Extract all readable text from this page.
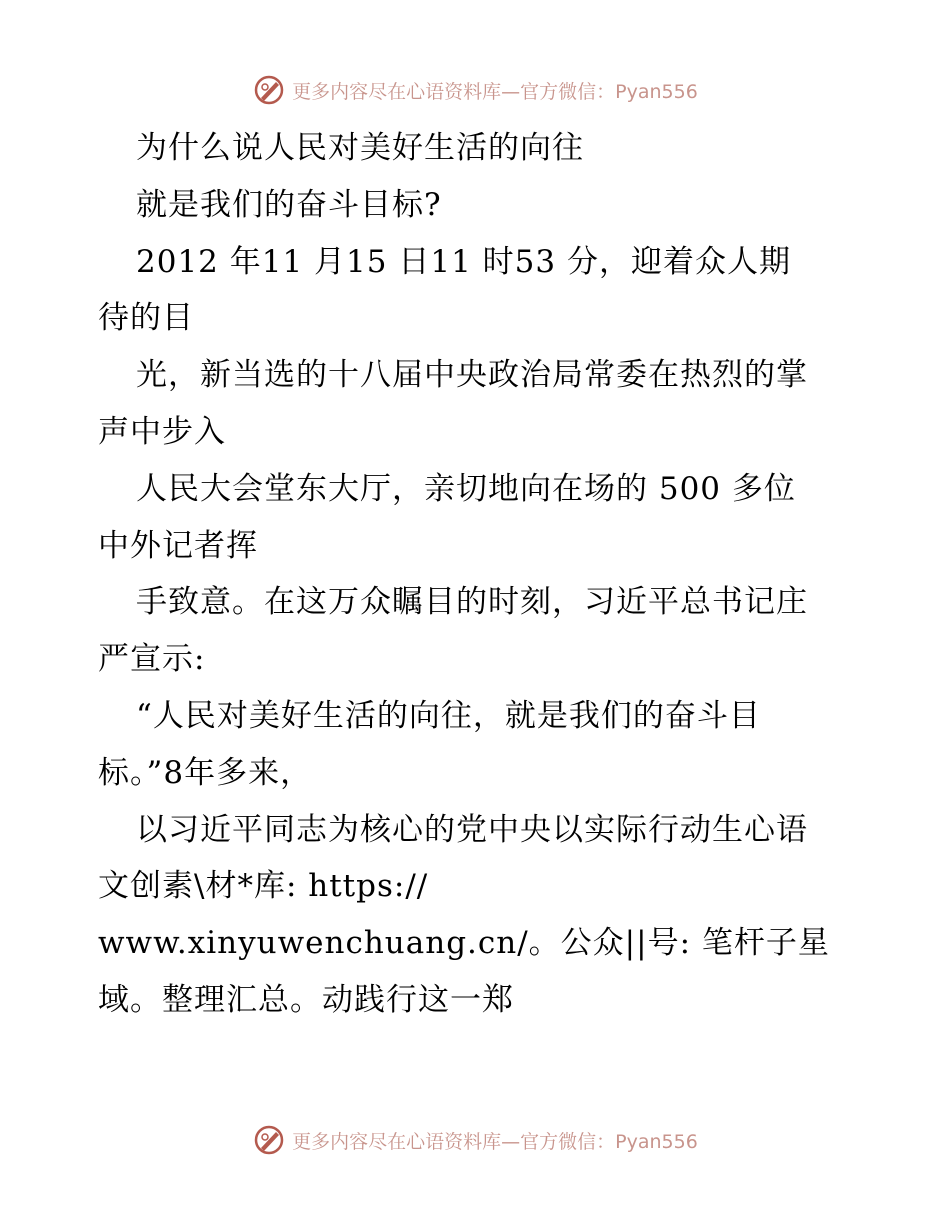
更多内容尽在心语资料库—官方微信：Pyan556
为什么说人民对美好生活的向往
就是我们的奋斗目标?
2012 年11 月15 日11 时53 分，迎着众人期
待的目
光，新当选的十八届中央政治局常委在热烈的掌
声中步入
人民大会堂东大厅，亲切地向在场的 500 多位
中外记者挥
手致意。在这万众瞩目的时刻，习近平总书记庄
严宣示:
“人民对美好生活的向往，就是我们的奋斗目
标。”8年多来，
以习近平同志为核心的党中央以实际行动生心语
文创素\材*库: https://
www.xinyuwenchuang.cn/。公众||号: 笔杆子星
域。整理汇总。动践行这一郑
更多内容尽在心语资料库—官方微信：Pyan556
